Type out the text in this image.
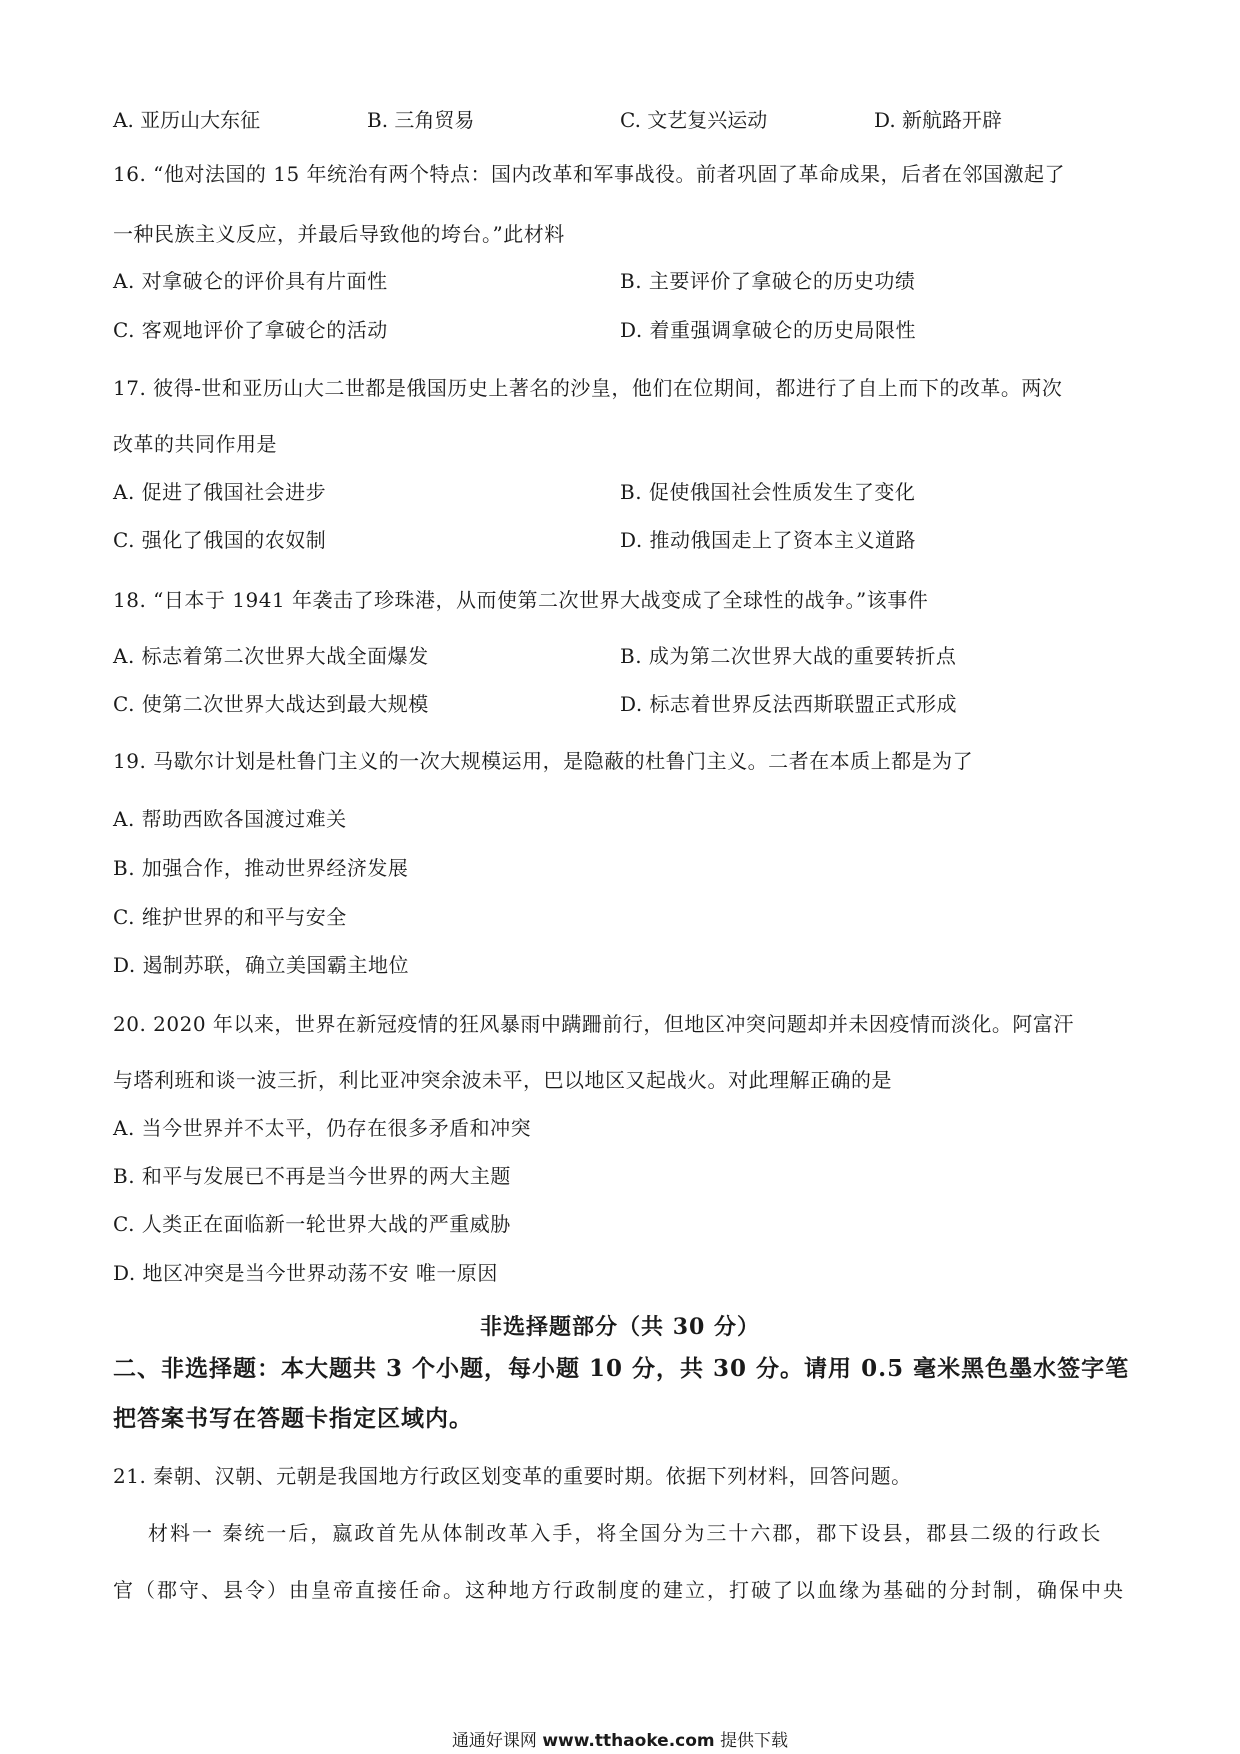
A. 亚历山大东征	B. 三角贸易	C. 文艺复兴运动	D. 新航路开辟
16. “他对法国的 15 年统治有两个特点：国内改革和军事战役。前者巩固了革命成果，后者在邻国激起了
一种民族主义反应，并最后导致他的垮台。”此材料
A. 对拿破仑的评价具有片面性	B. 主要评价了拿破仑的历史功绩
C. 客观地评价了拿破仑的活动	D. 着重强调拿破仑的历史局限性
17. 彼得-世和亚历山大二世都是俄国历史上著名的沙皇，他们在位期间，都进行了自上而下的改革。两次
改革的共同作用是
A. 促进了俄国社会进步	B. 促使俄国社会性质发生了变化
C. 强化了俄国的农奴制	D. 推动俄国走上了资本主义道路
18. “日本于 1941 年袭击了珍珠港，从而使第二次世界大战变成了全球性的战争。”该事件
A. 标志着第二次世界大战全面爆发	B. 成为第二次世界大战的重要转折点
C. 使第二次世界大战达到最大规模	D. 标志着世界反法西斯联盟正式形成
19. 马歇尔计划是杜鲁门主义的一次大规模运用，是隐蔽的杜鲁门主义。二者在本质上都是为了
A. 帮助西欧各国渡过难关
B. 加强合作，推动世界经济发展
C. 维护世界的和平与安全
D. 遏制苏联，确立美国霸主地位
20. 2020 年以来，世界在新冠疫情的狂风暴雨中蹒跚前行，但地区冲突问题却并未因疫情而淡化。阿富汗
与塔利班和谈一波三折，利比亚冲突余波未平，巴以地区又起战火。对此理解正确的是
A. 当今世界并不太平，仍存在很多矛盾和冲突
B. 和平与发展已不再是当今世界的两大主题
C. 人类正在面临新一轮世界大战的严重威胁
D. 地区冲突是当今世界动荡不安 唯一原因
非选择题部分（共 30 分）
二、非选择题：本大题共 3 个小题，每小题 10 分，共 30 分。请用 0.5 毫米黑色墨水签字笔
把答案书写在答题卡指定区域内。
21. 秦朝、汉朝、元朝是我国地方行政区划变革的重要时期。依据下列材料，回答问题。
材料一 秦统一后，嬴政首先从体制改革入手，将全国分为三十六郡，郡下设县，郡县二级的行政长
官（郡守、县令）由皇帝直接任命。这种地方行政制度的建立，打破了以血缘为基础的分封制，确保中央
通通好课网 www.tthaoke.com 提供下载
